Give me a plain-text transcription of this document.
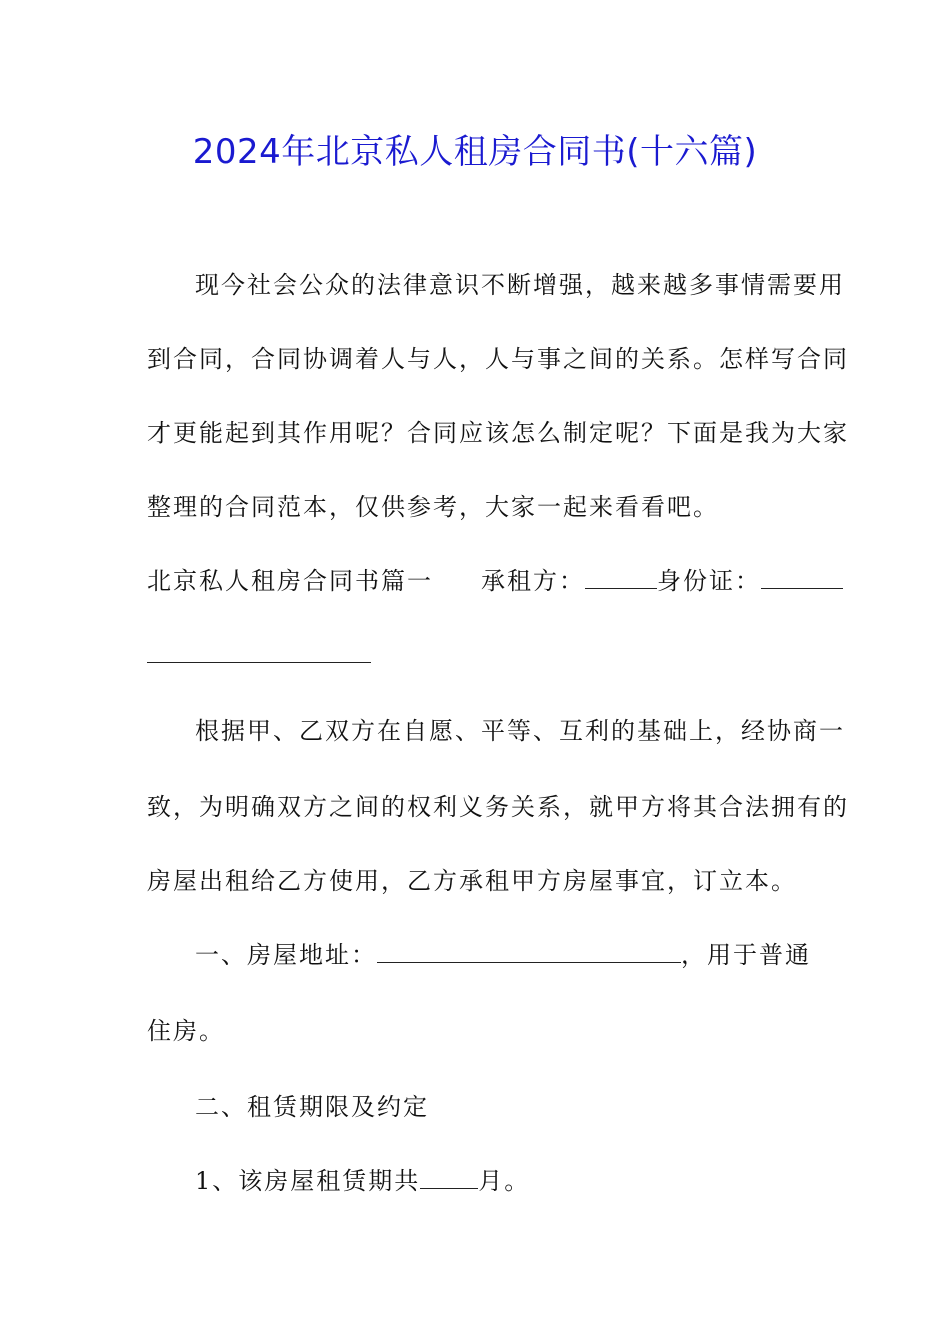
2024年北京私人租房合同书(十六篇)
现今社会公众的法律意识不断增强，越来越多事情需要用
到合同，合同协调着人与人，人与事之间的关系。怎样写合同
才更能起到其作用呢？合同应该怎么制定呢？下面是我为大家
整理的合同范本，仅供参考，大家一起来看看吧。
北京私人租房合同书篇一 承租方：	身份证：
根据甲、乙双方在自愿、平等、互利的基础上，经协商一
致，为明确双方之间的权利义务关系，就甲方将其合法拥有的
房屋出租给乙方使用，乙方承租甲方房屋事宜，订立本。
一、房屋地址：	，用于普通
住房。
二、租赁期限及约定
1、该房屋租赁期共 月。
